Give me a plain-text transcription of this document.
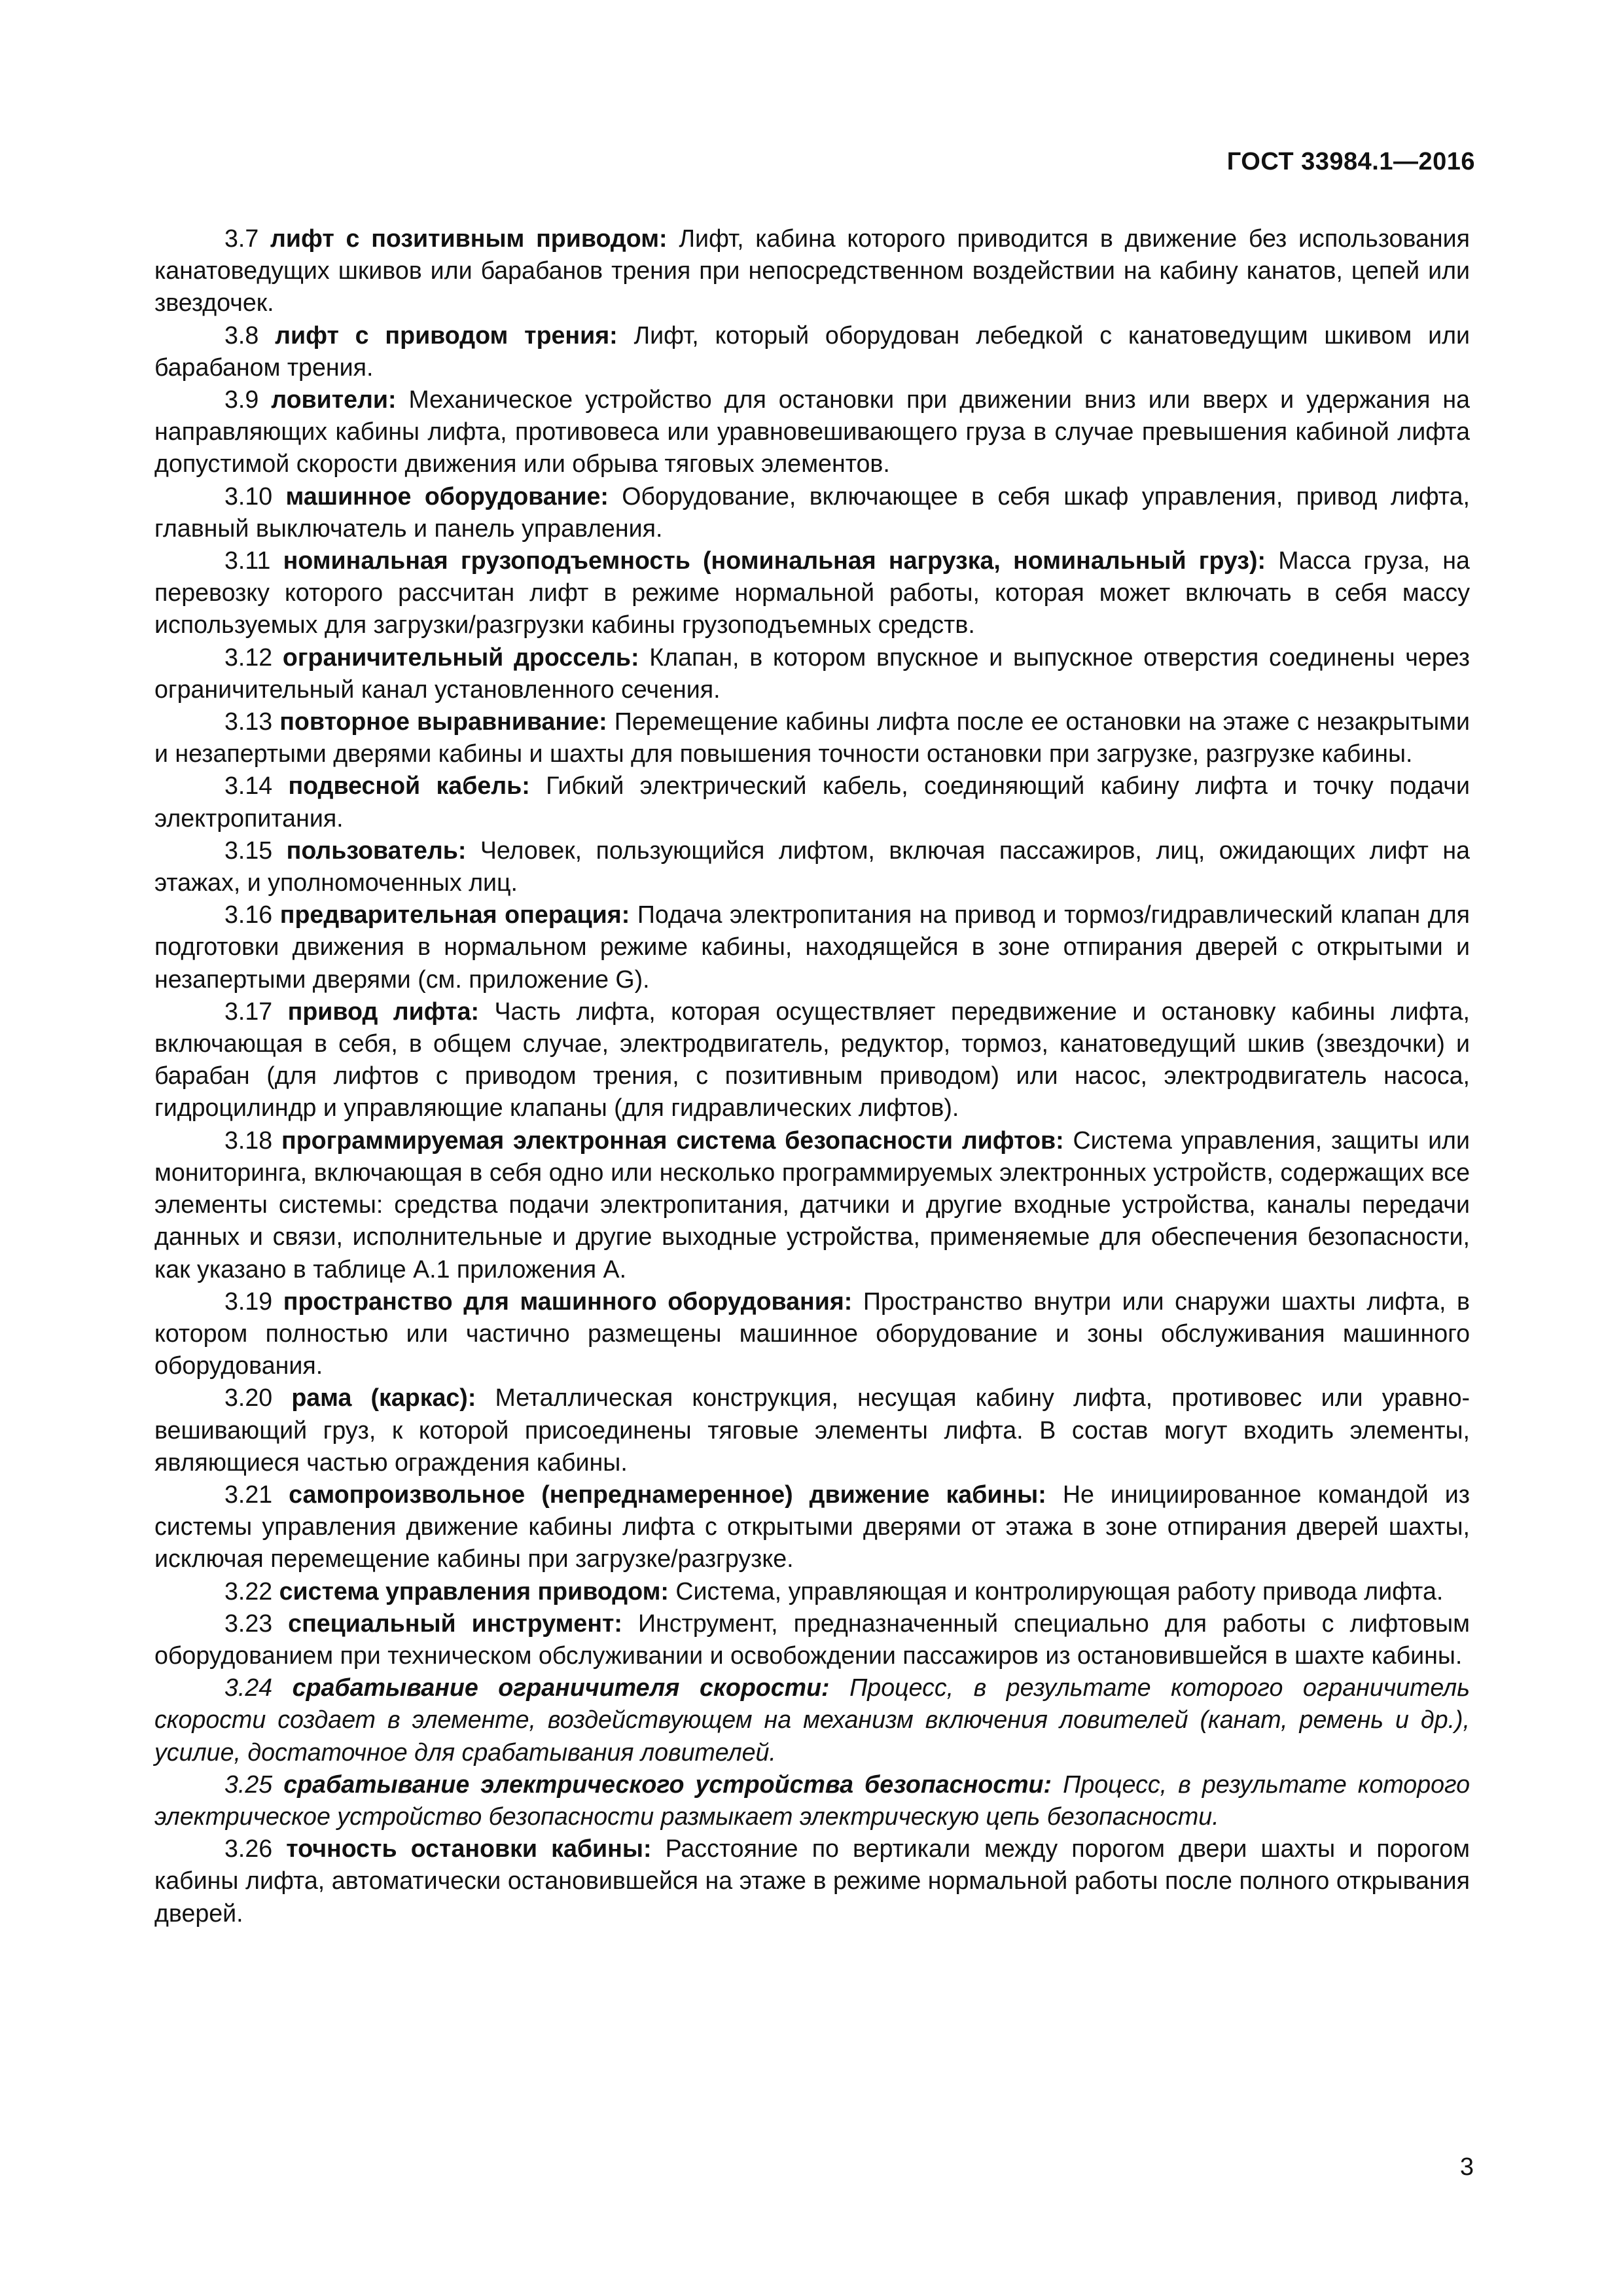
ГОСТ 33984.1—2016

3.7 лифт с позитивным приводом: Лифт, кабина которого приводится в движение без использования канатоведущих шкивов или барабанов трения при непосредственном воздействии на кабину канатов, цепей или звездочек.

3.8 лифт с приводом трения: Лифт, который оборудован лебедкой с канатоведущим шкивом или барабаном трения.

3.9 ловители: Механическое устройство для остановки при движении вниз или вверх и удержания на направляющих кабины лифта, противовеса или уравновешивающего груза в случае превышения кабиной лифта допустимой скорости движения или обрыва тяговых элементов.

3.10 машинное оборудование: Оборудование, включающее в себя шкаф управления, привод лифта, главный выключатель и панель управления.

3.11 номинальная грузоподъемность (номинальная нагрузка, номинальный груз): Масса груза, на перевозку которого рассчитан лифт в режиме нормальной работы, которая может включать в себя массу используемых для загрузки/разгрузки кабины грузоподъемных средств.

3.12 ограничительный дроссель: Клапан, в котором впускное и выпускное отверстия соединены через ограничительный канал установленного сечения.

3.13 повторное выравнивание: Перемещение кабины лифта после ее остановки на этаже с незакрытыми и незапертыми дверями кабины и шахты для повышения точности остановки при загрузке, разгрузке кабины.

3.14 подвесной кабель: Гибкий электрический кабель, соединяющий кабину лифта и точку подачи электропитания.

3.15 пользователь: Человек, пользующийся лифтом, включая пассажиров, лиц, ожидающих лифт на этажах, и уполномоченных лиц.

3.16 предварительная операция: Подача электропитания на привод и тормоз/гидравлический клапан для подготовки движения в нормальном режиме кабины, находящейся в зоне отпирания дверей с открытыми и незапертыми дверями (см. приложение G).

3.17 привод лифта: Часть лифта, которая осуществляет передвижение и остановку кабины лифта, включающая в себя, в общем случае, электродвигатель, редуктор, тормоз, канатоведущий шкив (звездочки) и барабан (для лифтов с приводом трения, с позитивным приводом) или насос, электродвигатель насоса, гидроцилиндр и управляющие клапаны (для гидравлических лифтов).

3.18 программируемая электронная система безопасности лифтов: Система управления, защиты или мониторинга, включающая в себя одно или несколько программируемых электронных устройств, содержащих все элементы системы: средства подачи электропитания, датчики и другие входные устройства, каналы передачи данных и связи, исполнительные и другие выходные устройства, применяемые для обеспечения безопасности, как указано в таблице А.1 приложения А.

3.19 пространство для машинного оборудования: Пространство внутри или снаружи шахты лифта, в котором полностью или частично размещены машинное оборудование и зоны обслуживания машинного оборудования.

3.20 рама (каркас): Металлическая конструкция, несущая кабину лифта, противовес или уравновешивающий груз, к которой присоединены тяговые элементы лифта. В состав могут входить элементы, являющиеся частью ограждения кабины.

3.21 самопроизвольное (непреднамеренное) движение кабины: Не инициированное командой из системы управления движение кабины лифта с открытыми дверями от этажа в зоне отпирания дверей шахты, исключая перемещение кабины при загрузке/разгрузке.

3.22 система управления приводом: Система, управляющая и контролирующая работу привода лифта.

3.23 специальный инструмент: Инструмент, предназначенный специально для работы с лифтовым оборудованием при техническом обслуживании и освобождении пассажиров из остановившейся в шахте кабины.

3.24 срабатывание ограничителя скорости: Процесс, в результате которого ограничитель скорости создает в элементе, воздействующем на механизм включения ловителей (канат, ремень и др.), усилие, достаточное для срабатывания ловителей.

3.25 срабатывание электрического устройства безопасности: Процесс, в результате которого электрическое устройство безопасности размыкает электрическую цепь безопасности.

3.26 точность остановки кабины: Расстояние по вертикали между порогом двери шахты и порогом кабины лифта, автоматически остановившейся на этаже в режиме нормальной работы после полного открывания дверей.

3
